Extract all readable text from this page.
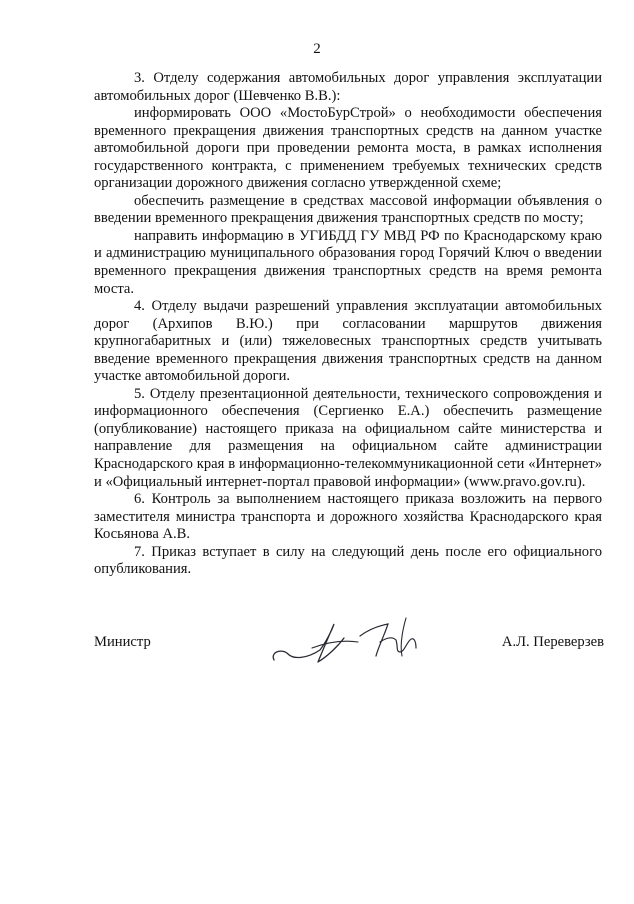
2

3. Отделу содержания автомобильных дорог управления эксплуатации автомобильных дорог (Шевченко В.В.):

информировать ООО «МостоБурСтрой» о необходимости обеспечения временного прекращения движения транспортных средств на данном участке автомобильной дороги при проведении ремонта моста, в рамках исполнения государственного контракта, с применением требуемых технических средств организации дорожного движения согласно утвержденной схеме;

обеспечить размещение в средствах массовой информации объявления о введении временного прекращения движения транспортных средств по мосту;

направить информацию в УГИБДД ГУ МВД РФ по Краснодарскому краю и администрацию муниципального образования город Горячий Ключ о введении временного прекращения движения транспортных средств на время ремонта моста.

4. Отделу выдачи разрешений управления эксплуатации автомобильных дорог (Архипов В.Ю.) при согласовании маршрутов движения крупногабаритных и (или) тяжеловесных транспортных средств учитывать введение временного прекращения движения транспортных средств на данном участке автомобильной дороги.

5. Отделу презентационной деятельности, технического сопровождения и информационного обеспечения (Сергиенко Е.А.) обеспечить размещение (опубликование) настоящего приказа на официальном сайте министерства и направление для размещения на официальном сайте администрации Краснодарского края в информационно-телекоммуникационной сети «Интернет» и «Официальный интернет-портал правовой информации» (www.pravo.gov.ru).

6. Контроль за выполнением настоящего приказа возложить на первого заместителя министра транспорта и дорожного хозяйства Краснодарского края Косьянова А.В.

7. Приказ вступает в силу на следующий день после его официального опубликования.

Министр	А.Л. Переверзев
